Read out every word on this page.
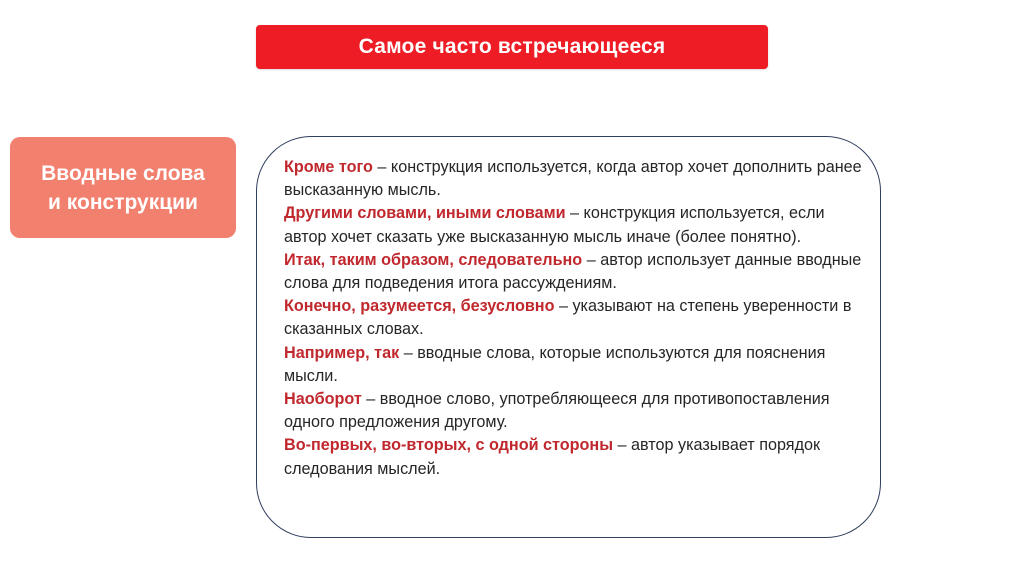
Самое часто встречающееся
Вводные слова
и конструкции
Кроме того – конструкция используется, когда автор хочет дополнить ранее высказанную мысль.
Другими словами, иными словами – конструкция используется, если автор хочет сказать уже высказанную мысль иначе (более понятно).
Итак, таким образом, следовательно – автор использует данные вводные слова для подведения итога рассуждениям.
Конечно, разумеется, безусловно – указывают на степень уверенности в сказанных словах.
Например, так – вводные слова, которые используются для пояснения мысли.
Наоборот – вводное слово, употребляющееся для противопоставления одного предложения другому.
Во-первых, во-вторых, с одной стороны – автор указывает порядок следования мыслей.
